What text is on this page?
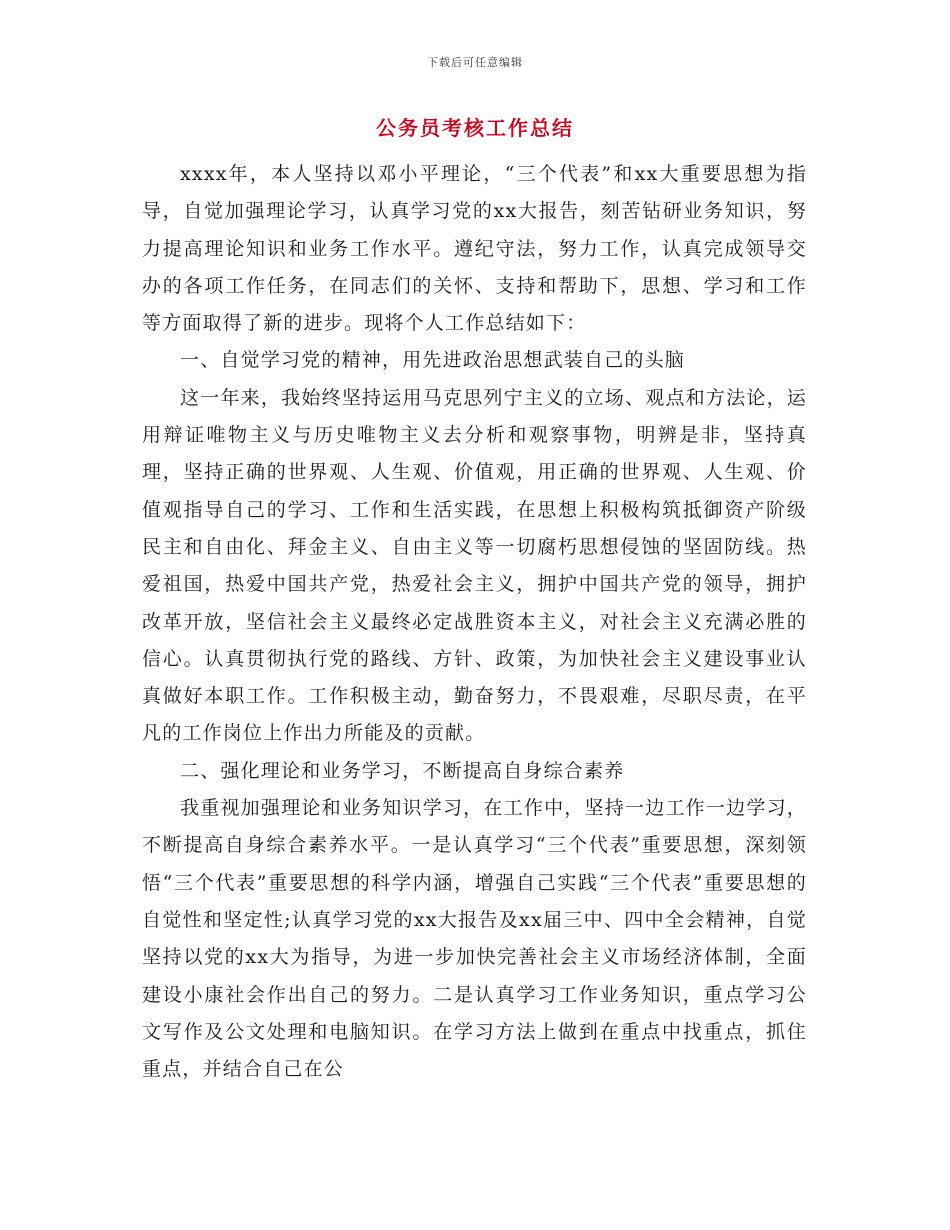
下载后可任意编辑
公务员考核工作总结

xxxx年，本人坚持以邓小平理论，“三个代表”和xx大重要思想为指导，自觉加强理论学习，认真学习党的xx大报告，刻苦钻研业务知识，努力提高理论知识和业务工作水平。遵纪守法，努力工作，认真完成领导交办的各项工作任务，在同志们的关怀、支持和帮助下，思想、学习和工作等方面取得了新的进步。现将个人工作总结如下：

一、自觉学习党的精神，用先进政治思想武装自己的头脑

这一年来，我始终坚持运用马克思列宁主义的立场、观点和方法论，运用辩证唯物主义与历史唯物主义去分析和观察事物，明辨是非，坚持真理，坚持正确的世界观、人生观、价值观，用正确的世界观、人生观、价值观指导自己的学习、工作和生活实践，在思想上积极构筑抵御资产阶级民主和自由化、拜金主义、自由主义等一切腐朽思想侵蚀的坚固防线。热爱祖国，热爱中国共产党，热爱社会主义，拥护中国共产党的领导，拥护改革开放，坚信社会主义最终必定战胜资本主义，对社会主义充满必胜的信心。认真贯彻执行党的路线、方针、政策，为加快社会主义建设事业认真做好本职工作。工作积极主动，勤奋努力，不畏艰难，尽职尽责，在平凡的工作岗位上作出力所能及的贡献。

二、强化理论和业务学习，不断提高自身综合素养

我重视加强理论和业务知识学习，在工作中，坚持一边工作一边学习，不断提高自身综合素养水平。一是认真学习“三个代表”重要思想，深刻领悟“三个代表”重要思想的科学内涵，增强自己实践“三个代表”重要思想的自觉性和坚定性;认真学习党的xx大报告及xx届三中、四中全会精神，自觉坚持以党的xx大为指导，为进一步加快完善社会主义市场经济体制，全面建设小康社会作出自己的努力。二是认真学习工作业务知识，重点学习公文写作及公文处理和电脑知识。在学习方法上做到在重点中找重点，抓住重点，并结合自己在公
